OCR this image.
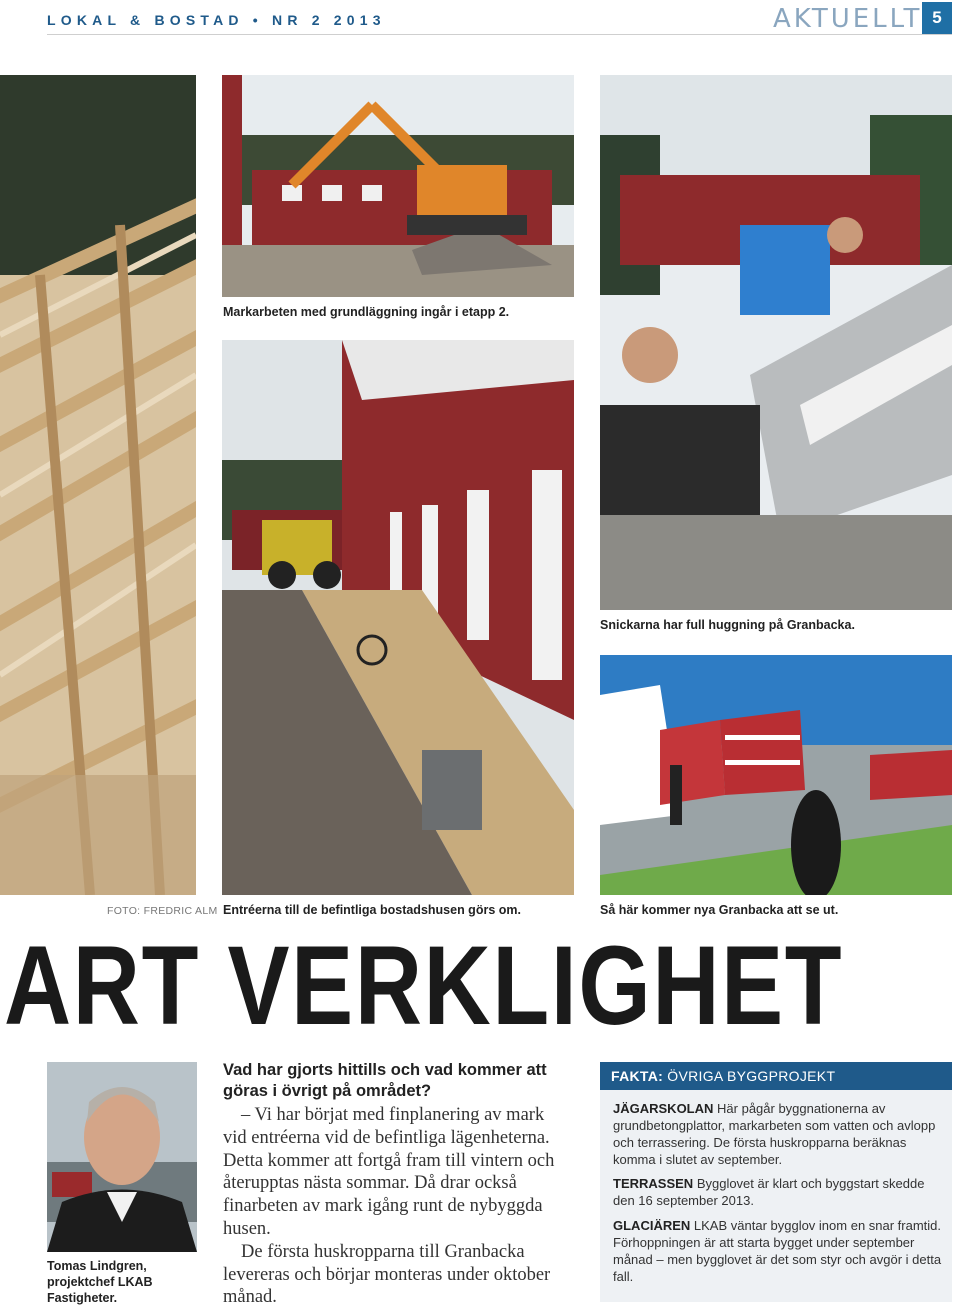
LOKAL & BOSTAD • NR 2 2013	AKTUELLT 5
Markarbeten med grundläggning ingår i etapp 2.
Snickarna har full huggning på Granbacka.
FOTO: FREDRIC ALM Entréerna till de befintliga bostadshusen görs om.	Så här kommer nya Granbacka att se ut.
ART VERKLIGHET
Tomas Lindgren,
projektchef LKAB
Fastigheter.
Vad har gjorts hittills och vad kommer att göras i övrigt på området?

– Vi har börjat med finplanering av mark vid entréerna vid de befintliga lägenheterna. Detta kommer att fortgå fram till vintern och återupptas nästa sommar. Då drar också finarbeten av mark igång runt de nybyggda husen.

De första huskropparna till Granbacka levereras och börjar monteras under oktober månad.

FAKTA: ÖVRIGA BYGGPROJEKT
JÄGARSKOLAN Här pågår byggnationerna av grundbetongplattor, markarbeten som vatten och avlopp och terrassering. De första huskropparna beräknas komma i slutet av september.
TERRASSEN Bygglovet är klart och byggstart skedde den 16 september 2013.
GLACIÄREN LKAB väntar bygglov inom en snar framtid. Förhoppningen är att starta bygget under september månad – men bygglovet är det som styr och avgör i detta fall.
